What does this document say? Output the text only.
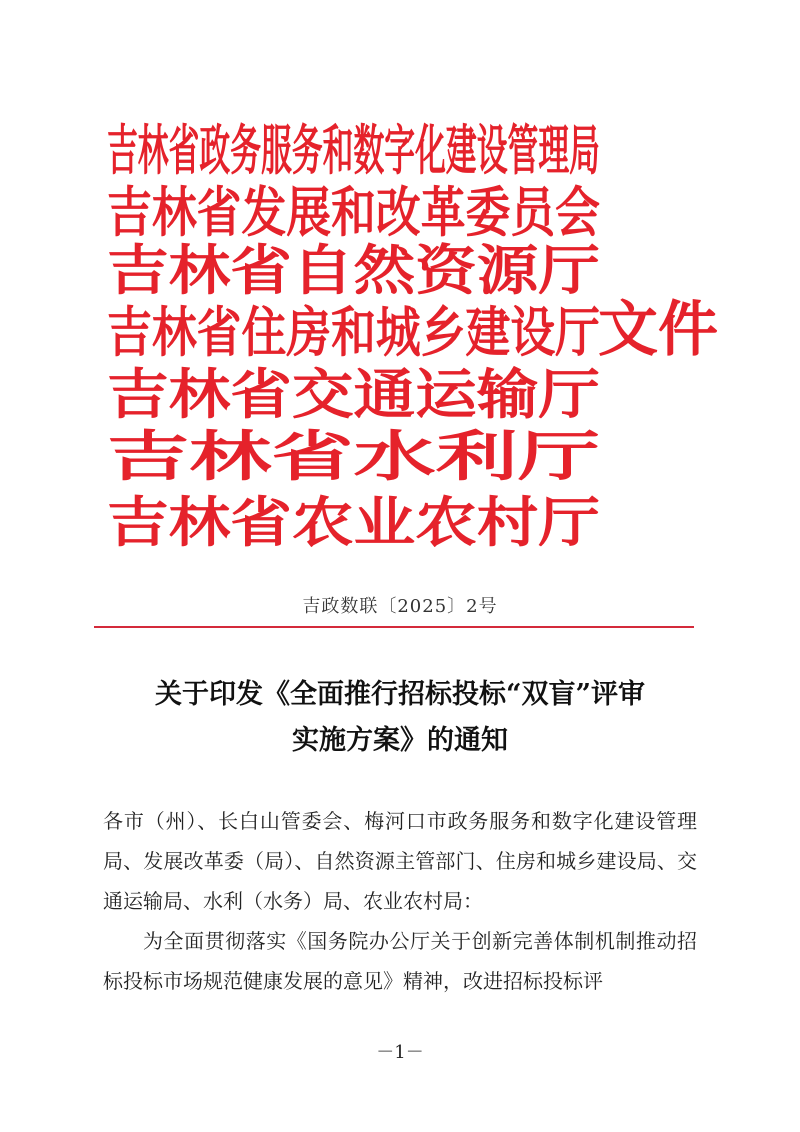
吉林省政务服务和数字化建设管理局
吉林省发展和改革委员会
吉林省自然资源厅
吉林省住房和城乡建设厅
吉林省交通运输厅
吉林省水利厅
吉林省农业农村厅
文件
吉政数联〔2025〕2号
关于印发《全面推行招标投标“双盲”评审
实施方案》的通知

各市（州）、长白山管委会、梅河口市政务服务和数字化建设管理局、发展改革委（局）、自然资源主管部门、住房和城乡建设局、交通运输局、水利（水务）局、农业农村局：

为全面贯彻落实《国务院办公厅关于创新完善体制机制推动招标投标市场规范健康发展的意见》精神，改进招标投标评

－1－
